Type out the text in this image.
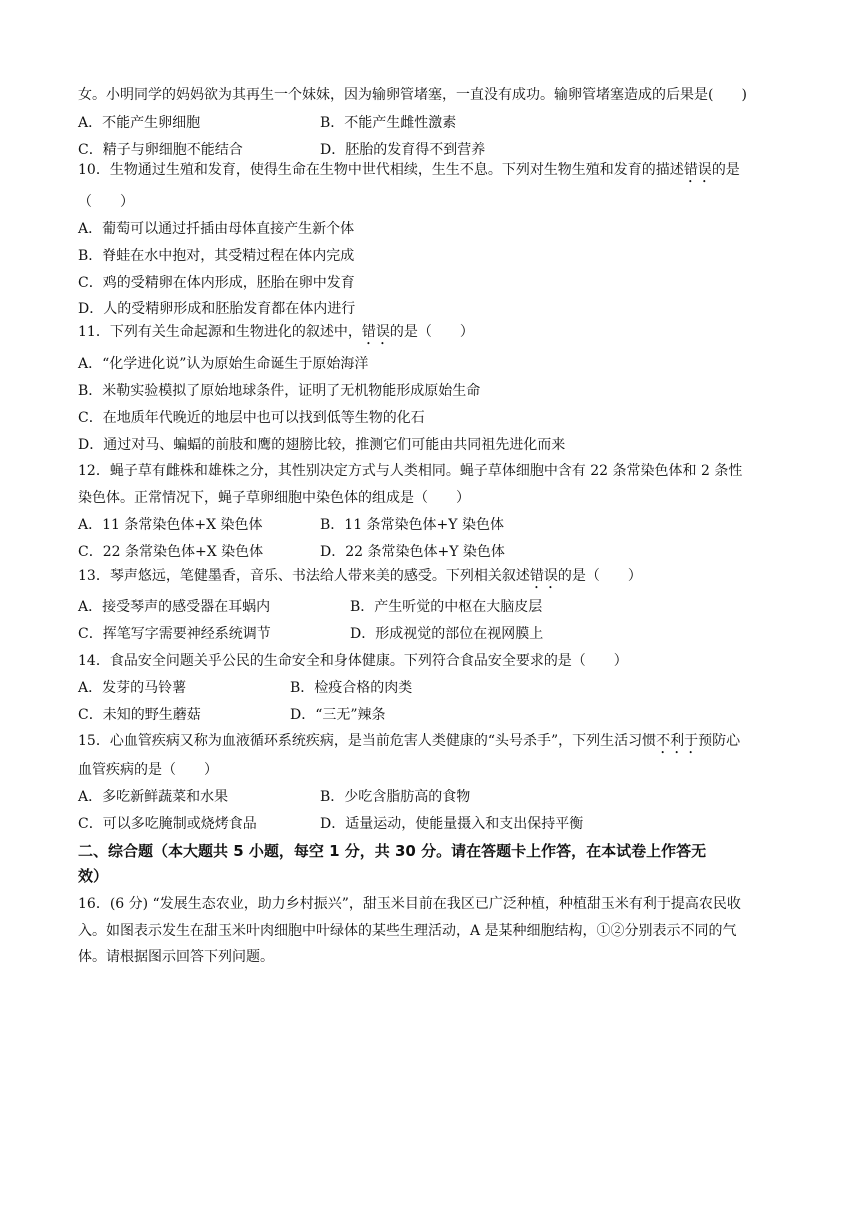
女。小明同学的妈妈欲为其再生一个妹妹，因为输卵管堵塞，一直没有成功。输卵管堵塞造成的后果是(　　)
A．不能产生卵细胞	B．不能产生雌性激素
C．精子与卵细胞不能结合	D．胚胎的发育得不到营养
10．生物通过生殖和发育，使得生命在生物中世代相续，生生不息。下列对生物生殖和发育的描述错误的是
（　　）
A．葡萄可以通过扦插由母体直接产生新个体
B．脊蛙在水中抱对，其受精过程在体内完成
C．鸡的受精卵在体内形成，胚胎在卵中发育
D．人的受精卵形成和胚胎发育都在体内进行
11．下列有关生命起源和生物进化的叙述中，错误的是（　　）
A．“化学进化说”认为原始生命诞生于原始海洋
B．米勒实验模拟了原始地球条件，证明了无机物能形成原始生命
C．在地质年代晚近的地层中也可以找到低等生物的化石
D．通过对马、蝙蝠的前肢和鹰的翅膀比较，推测它们可能由共同祖先进化而来
12．蝇子草有雌株和雄株之分，其性别决定方式与人类相同。蝇子草体细胞中含有 22 条常染色体和 2 条性
染色体。正常情况下，蝇子草卵细胞中染色体的组成是（　　）
A．11 条常染色体+X 染色体	B．11 条常染色体+Y 染色体
C．22 条常染色体+X 染色体	D．22 条常染色体+Y 染色体
13．琴声悠远，笔健墨香，音乐、书法给人带来美的感受。下列相关叙述错误的是（　　）
A．接受琴声的感受器在耳蜗内	B．产生听觉的中枢在大脑皮层
C．挥笔写字需要神经系统调节	D．形成视觉的部位在视网膜上
14．食品安全问题关乎公民的生命安全和身体健康。下列符合食品安全要求的是（　　）
A．发芽的马铃薯	B．检疫合格的肉类
C．未知的野生蘑菇	D．“三无”辣条
15．心血管疾病又称为血液循环系统疾病，是当前危害人类健康的“头号杀手”，下列生活习惯不利于预防心
血管疾病的是（　　）
A．多吃新鲜蔬菜和水果	B．少吃含脂肪高的食物
C．可以多吃腌制或烧烤食品	D．适量运动，使能量摄入和支出保持平衡
二、综合题（本大题共 5 小题，每空 1 分，共 30 分。请在答题卡上作答，在本试卷上作答无
效）
16．(6 分) “发展生态农业，助力乡村振兴”，甜玉米目前在我区已广泛种植，种植甜玉米有利于提高农民收
入。如图表示发生在甜玉米叶肉细胞中叶绿体的某些生理活动，A 是某种细胞结构，①②分别表示不同的气
体。请根据图示回答下列问题。
